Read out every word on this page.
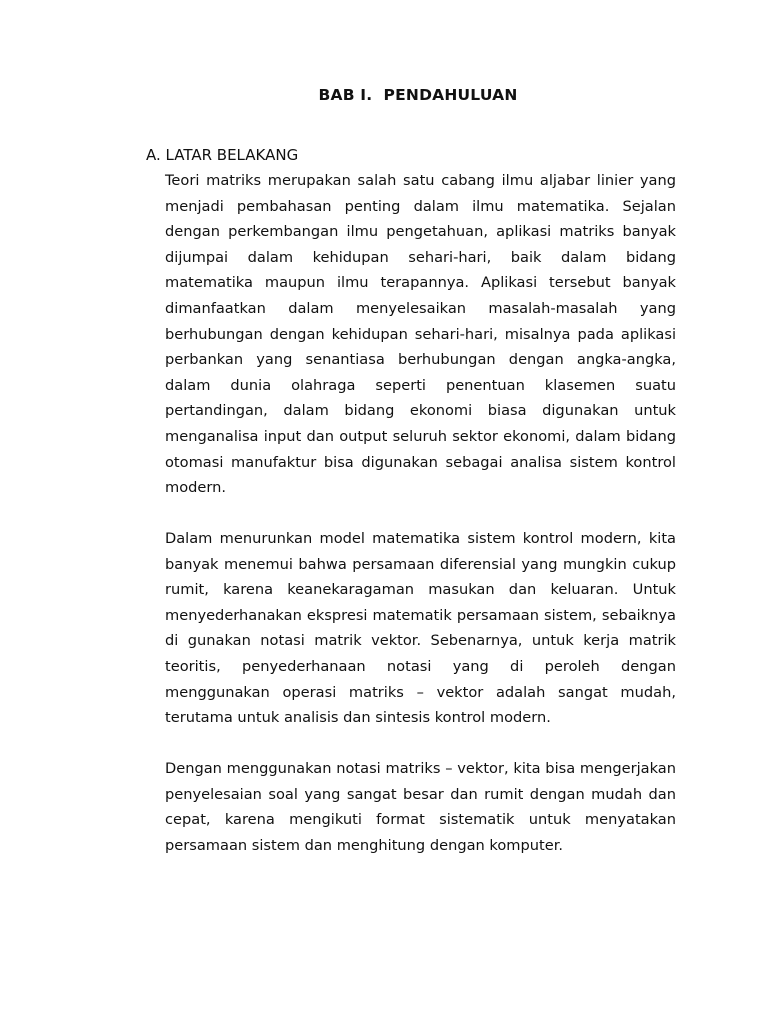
BAB I.  PENDAHULUAN
A. LATAR BELAKANG

Teori matriks merupakan salah satu cabang ilmu aljabar linier yang menjadi pembahasan penting dalam ilmu matematika. Sejalan dengan perkembangan ilmu pengetahuan, aplikasi matriks banyak dijumpai dalam kehidupan sehari-hari, baik dalam bidang matematika maupun ilmu terapannya. Aplikasi tersebut banyak dimanfaatkan dalam menyelesaikan masalah-masalah yang berhubungan dengan kehidupan sehari-hari, misalnya pada aplikasi perbankan yang senantiasa berhubungan dengan angka-angka, dalam dunia olahraga seperti penentuan klasemen suatu pertandingan, dalam bidang ekonomi biasa digunakan untuk menganalisa input dan output seluruh sektor ekonomi, dalam bidang otomasi manufaktur bisa digunakan sebagai analisa sistem kontrol modern.

Dalam menurunkan model matematika sistem kontrol modern, kita banyak menemui bahwa persamaan diferensial yang mungkin cukup rumit, karena keanekaragaman masukan dan keluaran. Untuk menyederhanakan ekspresi matematik persamaan sistem, sebaiknya di gunakan notasi matrik vektor. Sebenarnya, untuk kerja matrik teoritis, penyederhanaan notasi yang di peroleh dengan menggunakan operasi matriks – vektor adalah sangat mudah, terutama untuk analisis dan sintesis kontrol modern.

Dengan menggunakan notasi matriks – vektor, kita bisa mengerjakan penyelesaian soal yang sangat besar dan rumit dengan mudah dan cepat, karena mengikuti format sistematik untuk menyatakan persamaan sistem dan menghitung dengan komputer.
